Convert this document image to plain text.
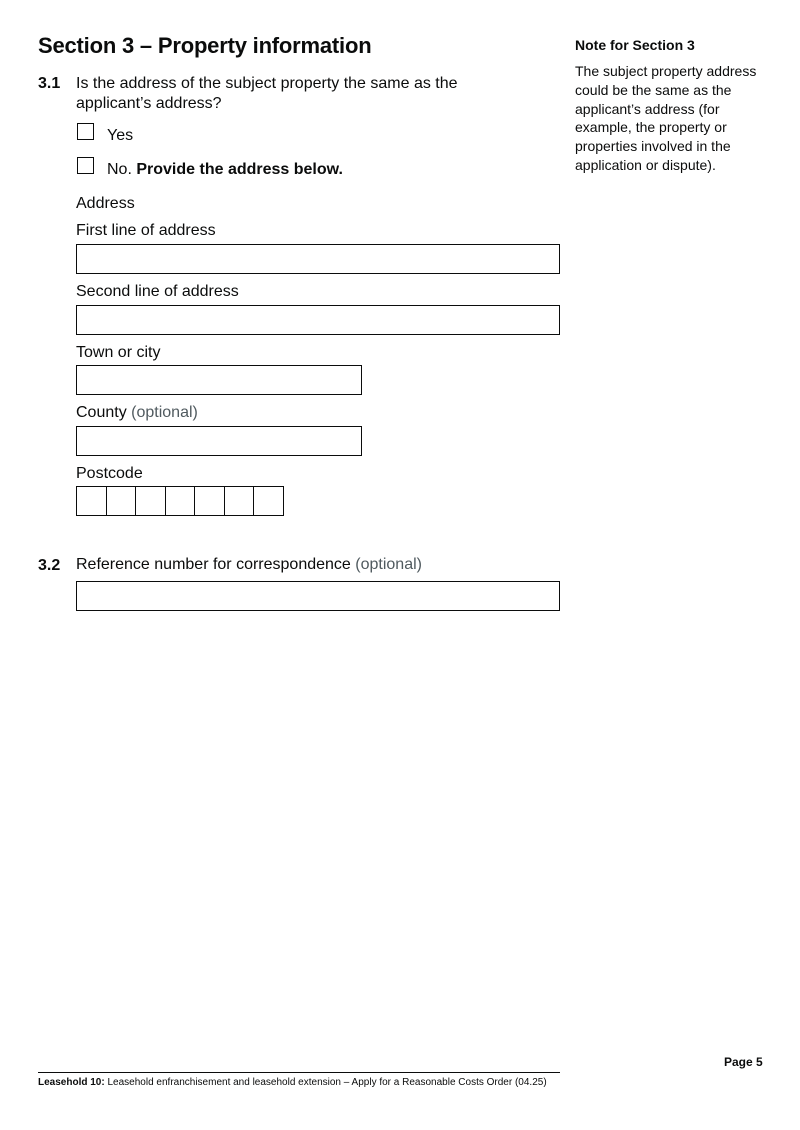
Section 3 – Property information
3.1 Is the address of the subject property the same as the applicant’s address?
Yes
No. Provide the address below.
Address
First line of address
Second line of address
Town or city
County (optional)
Postcode
3.2 Reference number for correspondence (optional)
Note for Section 3
The subject property address could be the same as the applicant’s address (for example, the property or properties involved in the application or dispute).
Page 5
Leasehold 10: Leasehold enfranchisement and leasehold extension – Apply for a Reasonable Costs Order (04.25)
